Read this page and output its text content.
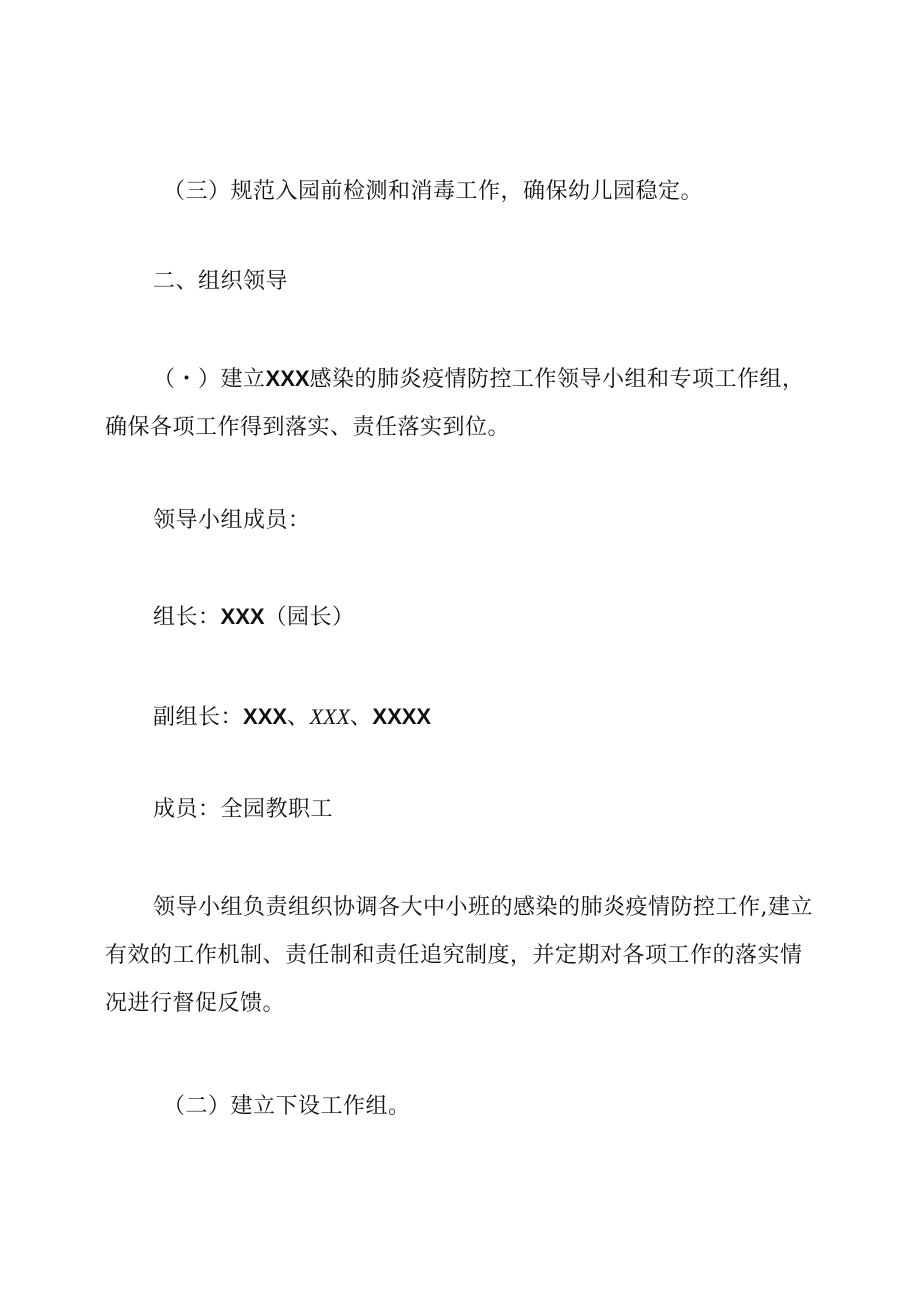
（三）规范入园前检测和消毒工作，确保幼儿园稳定。

二、组织领导

（・）建立XXX感染的肺炎疫情防控工作领导小组和专项工作组，确保各项工作得到落实、责任落实到位。

领导小组成员：

组长：XXX（园长）

副组长：XXX、XXX、XXXX

成员：全园教职工

领导小组负责组织协调各大中小班的感染的肺炎疫情防控工作,建立有效的工作机制、责任制和责任追究制度，并定期对各项工作的落实情况进行督促反馈。

（二）建立下设工作组。
